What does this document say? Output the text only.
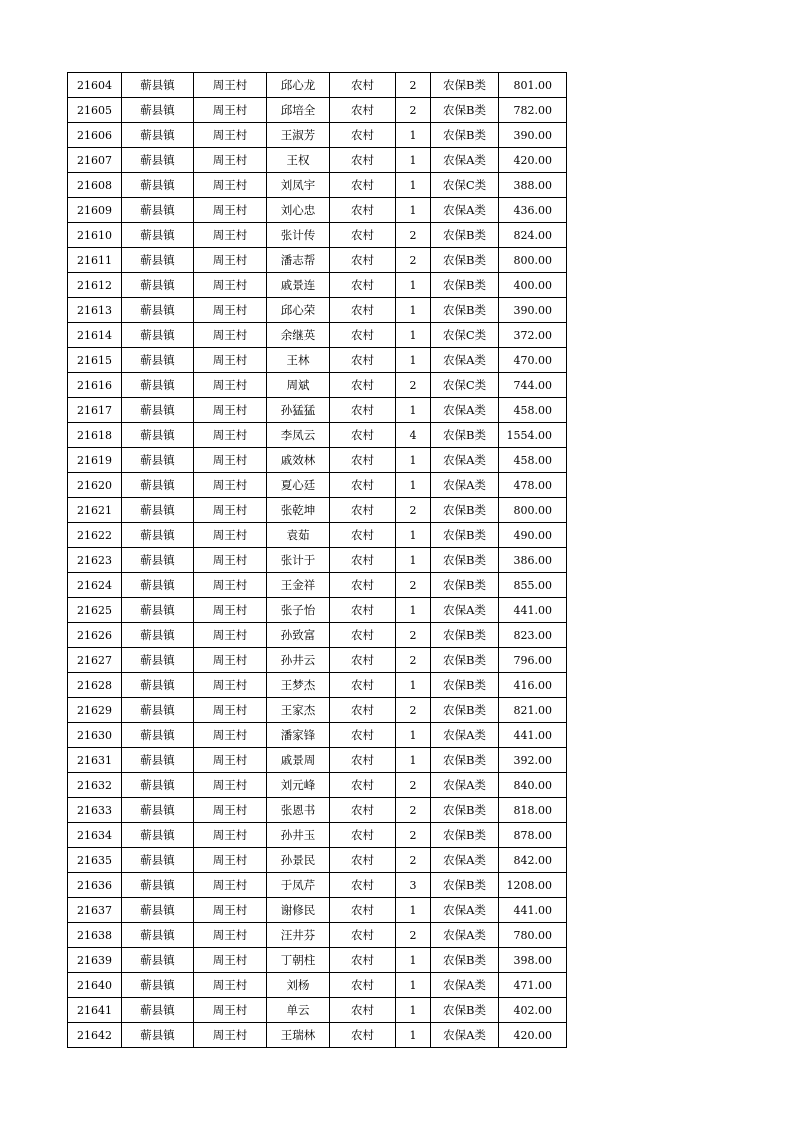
21604	蕲县镇	周王村	邱心龙	农村	2	农保B类	801.00
21605	蕲县镇	周王村	邱培全	农村	2	农保B类	782.00
21606	蕲县镇	周王村	王淑芳	农村	1	农保B类	390.00
21607	蕲县镇	周王村	王权	农村	1	农保A类	420.00
21608	蕲县镇	周王村	刘凤宇	农村	1	农保C类	388.00
21609	蕲县镇	周王村	刘心忠	农村	1	农保A类	436.00
21610	蕲县镇	周王村	张计传	农村	2	农保B类	824.00
21611	蕲县镇	周王村	潘志帮	农村	2	农保B类	800.00
21612	蕲县镇	周王村	戚景连	农村	1	农保B类	400.00
21613	蕲县镇	周王村	邱心荣	农村	1	农保B类	390.00
21614	蕲县镇	周王村	余继英	农村	1	农保C类	372.00
21615	蕲县镇	周王村	王林	农村	1	农保A类	470.00
21616	蕲县镇	周王村	周斌	农村	2	农保C类	744.00
21617	蕲县镇	周王村	孙猛猛	农村	1	农保A类	458.00
21618	蕲县镇	周王村	李凤云	农村	4	农保B类	1554.00
21619	蕲县镇	周王村	戚效林	农村	1	农保A类	458.00
21620	蕲县镇	周王村	夏心廷	农村	1	农保A类	478.00
21621	蕲县镇	周王村	张乾坤	农村	2	农保B类	800.00
21622	蕲县镇	周王村	袁茹	农村	1	农保B类	490.00
21623	蕲县镇	周王村	张计于	农村	1	农保B类	386.00
21624	蕲县镇	周王村	王金祥	农村	2	农保B类	855.00
21625	蕲县镇	周王村	张子怡	农村	1	农保A类	441.00
21626	蕲县镇	周王村	孙致富	农村	2	农保B类	823.00
21627	蕲县镇	周王村	孙井云	农村	2	农保B类	796.00
21628	蕲县镇	周王村	王梦杰	农村	1	农保B类	416.00
21629	蕲县镇	周王村	王家杰	农村	2	农保B类	821.00
21630	蕲县镇	周王村	潘家锋	农村	1	农保A类	441.00
21631	蕲县镇	周王村	戚景周	农村	1	农保B类	392.00
21632	蕲县镇	周王村	刘元峰	农村	2	农保A类	840.00
21633	蕲县镇	周王村	张恩书	农村	2	农保B类	818.00
21634	蕲县镇	周王村	孙井玉	农村	2	农保B类	878.00
21635	蕲县镇	周王村	孙景民	农村	2	农保A类	842.00
21636	蕲县镇	周王村	于凤芹	农村	3	农保B类	1208.00
21637	蕲县镇	周王村	谢修民	农村	1	农保A类	441.00
21638	蕲县镇	周王村	汪井芬	农村	2	农保A类	780.00
21639	蕲县镇	周王村	丁朝柱	农村	1	农保B类	398.00
21640	蕲县镇	周王村	刘杨	农村	1	农保A类	471.00
21641	蕲县镇	周王村	单云	农村	1	农保B类	402.00
21642	蕲县镇	周王村	王瑞林	农村	1	农保A类	420.00
